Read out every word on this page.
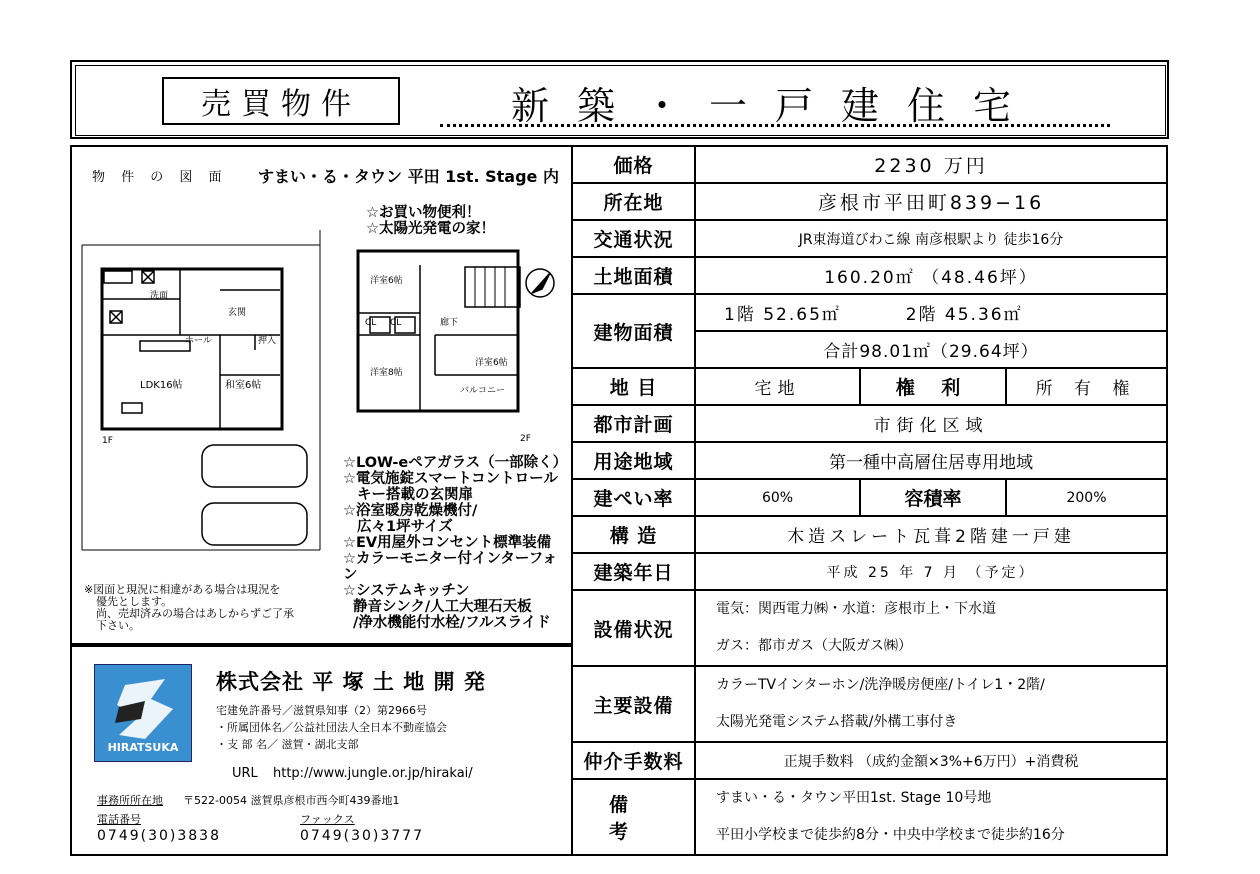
売買物件	新築・一戸建住宅
物 件 の 図 面 すまい・る・タウン 平田 1st. Stage 内
☆お買い物便利！
☆太陽光発電の家！
洗面
LDK16帖	和室6帖
ホール	押入
玄関
1F
洋室6帖
CL CL	廊下
洋室8帖
洋室6帖
バルコニー
2F
☆LOW-eペアガラス（一部除く）
☆電気施錠スマートコントロール
キー搭載の玄関扉
☆浴室暖房乾燥機付/
広々1坪サイズ
☆EV用屋外コンセント標準装備
☆カラーモニター付インターフォン
☆システムキッチン
静音シンク/人工大理石天板
/浄水機能付水栓/フルスライド
※図面と現況に相違がある場合は現況を
優先とします。
尚、売却済みの場合はあしからずご了承
下さい。
HIRATSUKA
株式会社 平 塚 土 地 開 発
宅建免許番号／滋賀県知事（2）第2966号
・所属団体名／公益社団法人全日本不動産協会
・支 部 名／ 滋賀・湖北支部
URL http://www.jungle.or.jp/hirakai/
事務所所在地 〒522-0054 滋賀県彦根市西今町439番地1
電話番号
0749(30)3838
ファックス
0749(30)3777
価格	2230 万円		
所在地	彦根市平田町839−16		
交通状況	JR東海道びわこ線 南彦根駅より 徒歩16分		
土地面積	160.20㎡ （48.46坪）		
建物面積	1階 52.65㎡ 2階 45.36㎡		
	合計98.01㎡（29.64坪）		
地 目	宅地	権 利	所 有 権
都市計画	市街化区域		
用途地域	第一種中高層住居専用地域		
建ぺい率	60%	容積率	200%
構 造	木造スレート瓦葺2階建一戸建		
建築年日	平成 25 年 7 月 （予定）		
設備状況	電気：関西電力㈱・水道：彦根市上・下水道
ガス：都市ガス（大阪ガス㈱）		

主要設備	カラーTVインターホン/洗浄暖房便座/トイレ1・2階/
太陽光発電システム搭載/外構工事付き		

仲介手数料	正規手数料 （成約金額×3%+6万円）+消費税		
備 考	すまい・る・タウン平田1st. Stage 10号地
平田小学校まで徒歩約8分・中央中学校まで徒歩約16分		
